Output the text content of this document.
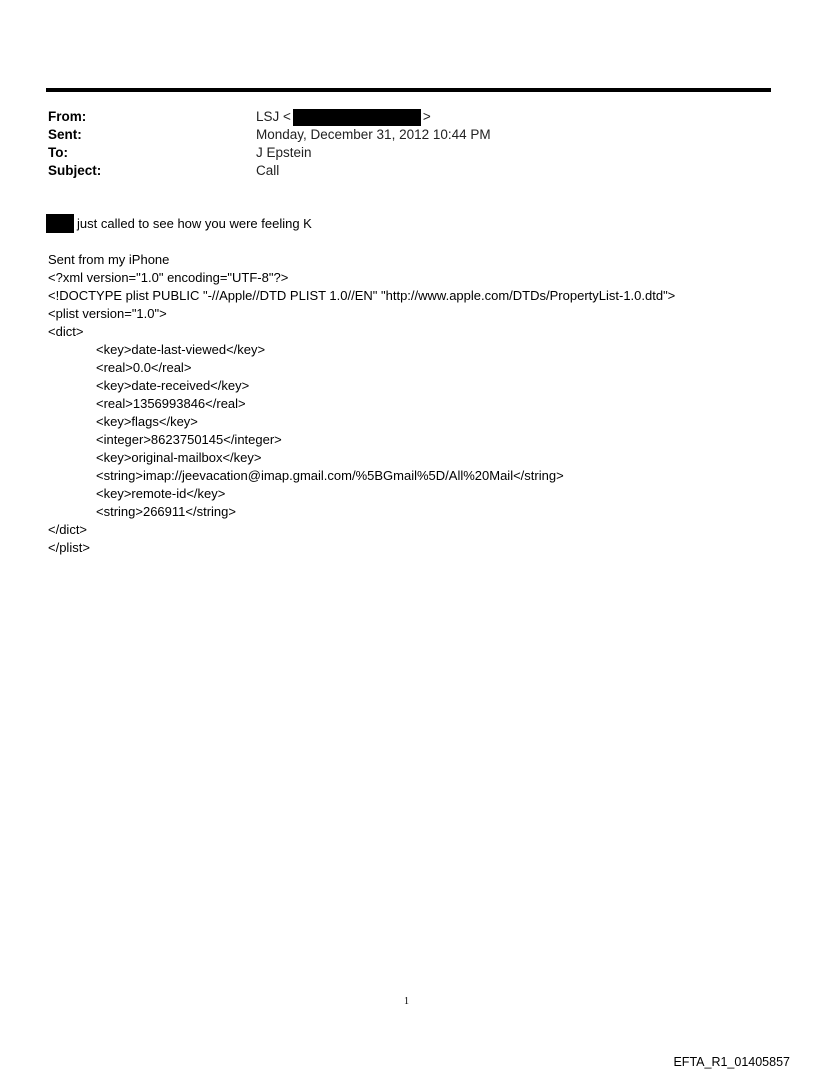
From:	LSJ <	>
Sent:	Monday, December 31, 2012 10:44 PM
To:	J Epstein
Subject:	Call
just called to see how you were feeling K
Sent from my iPhone
<?xml version="1.0" encoding="UTF-8"?>
<!DOCTYPE plist PUBLIC "-//Apple//DTD PLIST 1.0//EN" "http://www.apple.com/DTDs/PropertyList-1.0.dtd">
<plist version="1.0">
<dict>
<key>date-last-viewed</key>
<real>0.0</real>
<key>date-received</key>
<real>1356993846</real>
<key>flags</key>
<integer>8623750145</integer>
<key>original-mailbox</key>
<string>imap://jeevacation@imap.gmail.com/%5BGmail%5D/All%20Mail</string>
<key>remote-id</key>
<string>266911</string>
</dict>
</plist>
1
EFTA_R1_01405857
